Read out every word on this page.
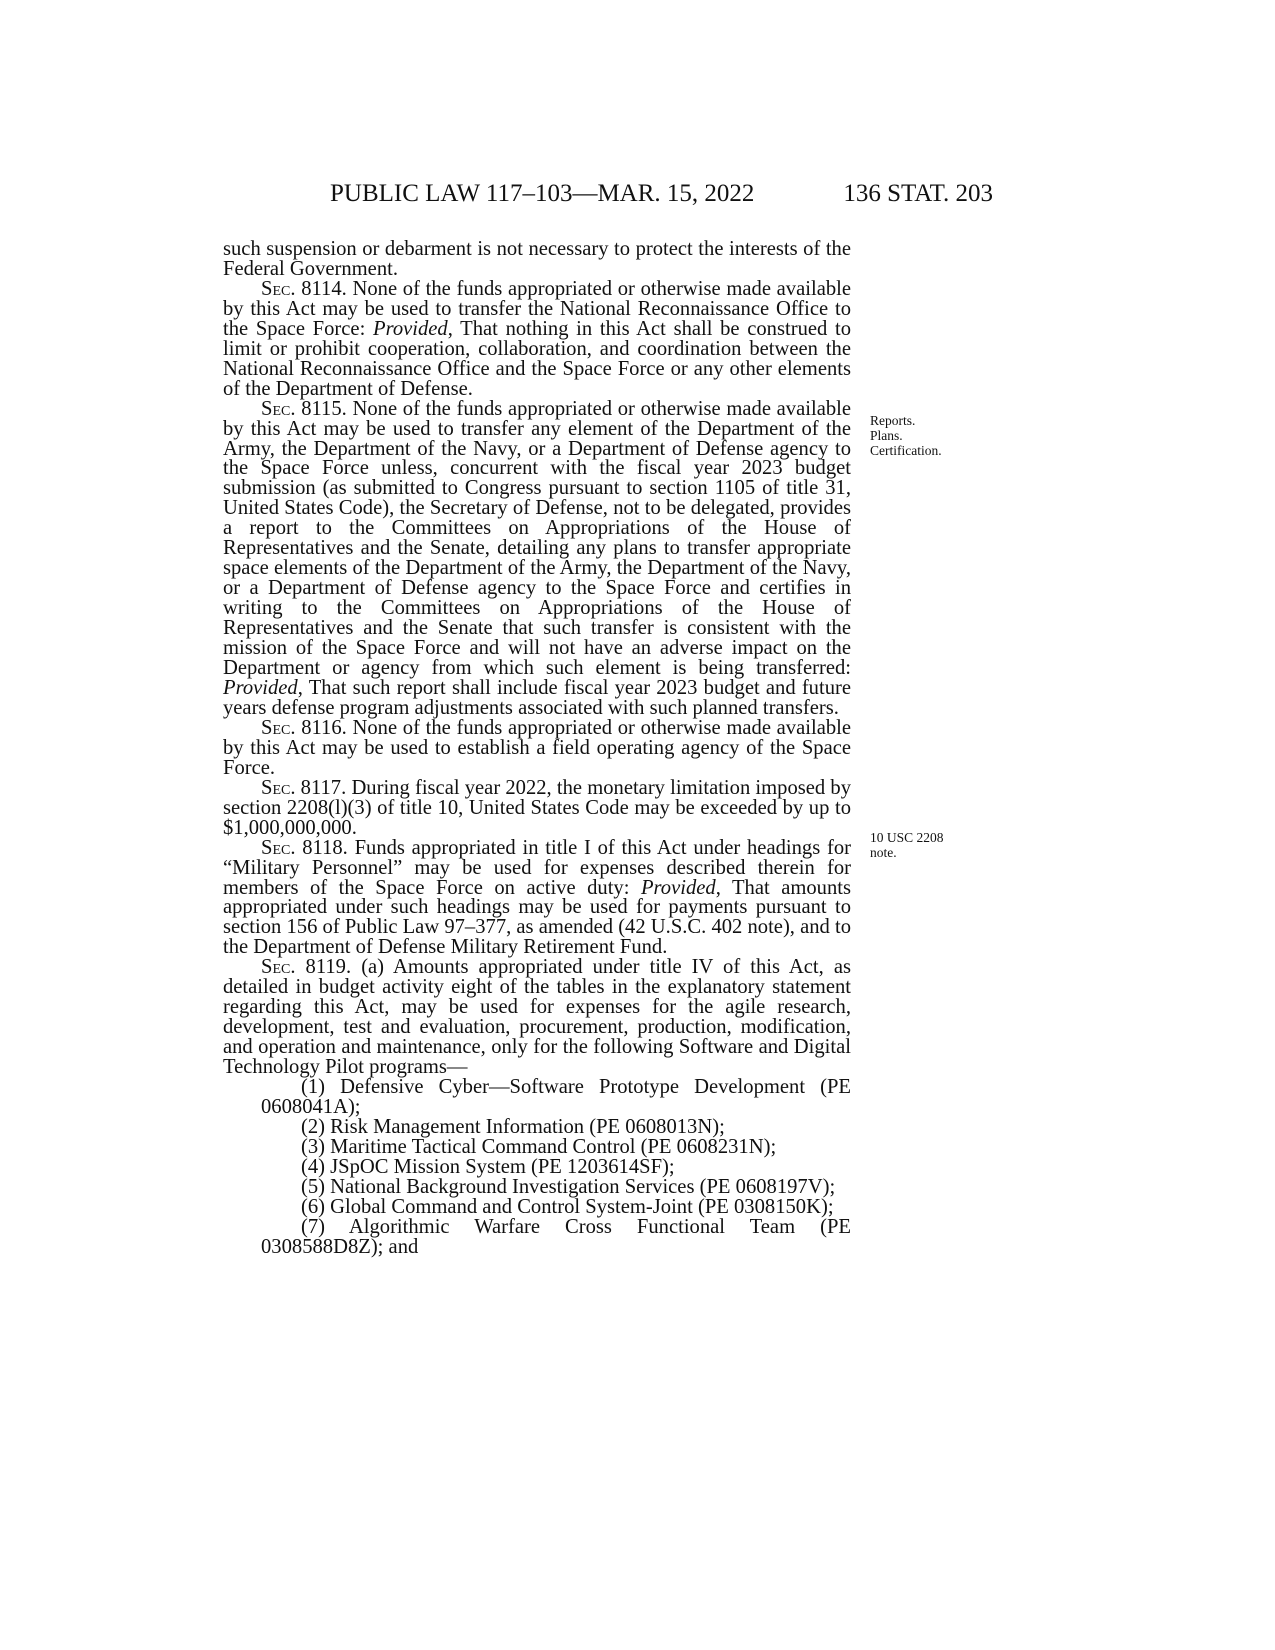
PUBLIC LAW 117–103—MAR. 15, 2022	136 STAT. 203
Reports.
Plans.
Certification.
10 USC 2208
note.

such suspension or debarment is not necessary to protect the interests of the Federal Government.

Sec. 8114. None of the funds appropriated or otherwise made available by this Act may be used to transfer the National Reconnaissance Office to the Space Force: Provided, That nothing in this Act shall be construed to limit or prohibit cooperation, collaboration, and coordination between the National Reconnaissance Office and the Space Force or any other elements of the Department of Defense.

Sec. 8115. None of the funds appropriated or otherwise made available by this Act may be used to transfer any element of the Department of the Army, the Department of the Navy, or a Department of Defense agency to the Space Force unless, concurrent with the fiscal year 2023 budget submission (as submitted to Congress pursuant to section 1105 of title 31, United States Code), the Secretary of Defense, not to be delegated, provides a report to the Committees on Appropriations of the House of Representatives and the Senate, detailing any plans to transfer appropriate space elements of the Department of the Army, the Department of the Navy, or a Department of Defense agency to the Space Force and certifies in writing to the Committees on Appropriations of the House of Representatives and the Senate that such transfer is consistent with the mission of the Space Force and will not have an adverse impact on the Department or agency from which such element is being transferred: Provided, That such report shall include fiscal year 2023 budget and future years defense program adjustments associated with such planned transfers.

Sec. 8116. None of the funds appropriated or otherwise made available by this Act may be used to establish a field operating agency of the Space Force.

Sec. 8117. During fiscal year 2022, the monetary limitation imposed by section 2208(l)(3) of title 10, United States Code may be exceeded by up to $1,000,000,000.

Sec. 8118. Funds appropriated in title I of this Act under headings for “Military Personnel” may be used for expenses described therein for members of the Space Force on active duty: Provided, That amounts appropriated under such headings may be used for payments pursuant to section 156 of Public Law 97–377, as amended (42 U.S.C. 402 note), and to the Department of Defense Military Retirement Fund.

Sec. 8119. (a) Amounts appropriated under title IV of this Act, as detailed in budget activity eight of the tables in the explanatory statement regarding this Act, may be used for expenses for the agile research, development, test and evaluation, procurement, production, modification, and operation and maintenance, only for the following Software and Digital Technology Pilot programs—

(1) Defensive Cyber—Software Prototype Development (PE 0608041A);

(2) Risk Management Information (PE 0608013N);

(3) Maritime Tactical Command Control (PE 0608231N);

(4) JSpOC Mission System (PE 1203614SF);

(5) National Background Investigation Services (PE 0608197V);

(6) Global Command and Control System-Joint (PE 0308150K);

(7) Algorithmic Warfare Cross Functional Team (PE 0308588D8Z); and
